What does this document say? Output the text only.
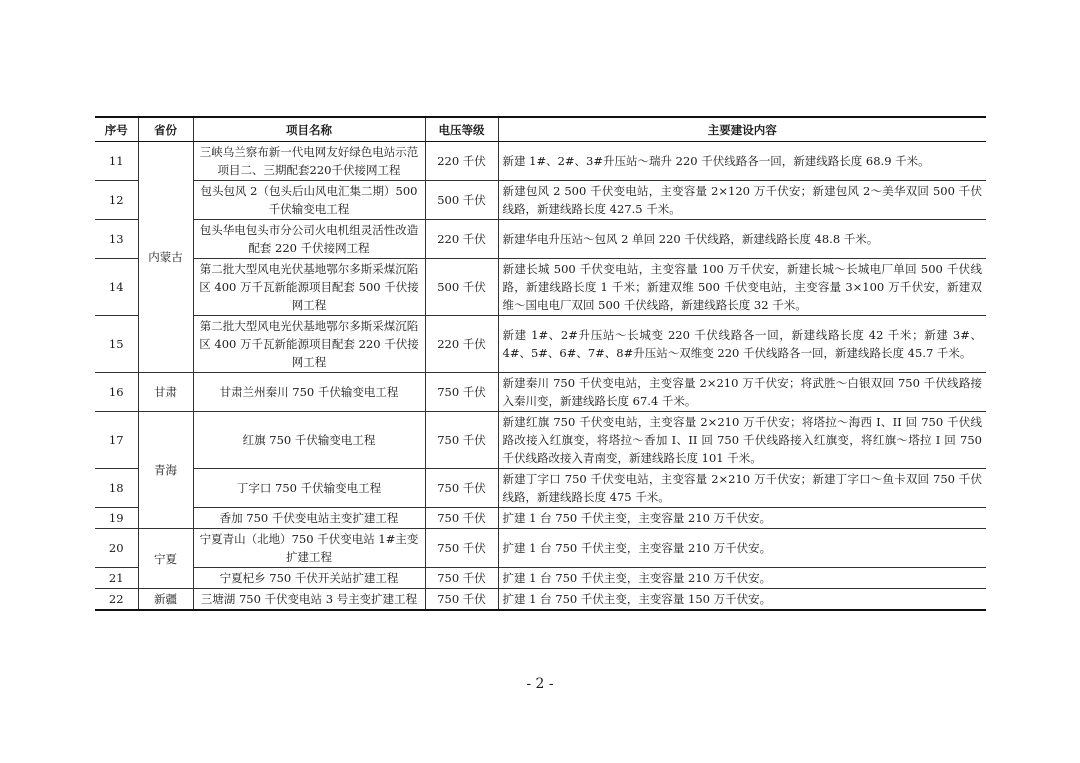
序号	省份	项目名称	电压等级	主要建设内容
11	内蒙古	三峡乌兰察布新一代电网友好绿色电站示范项目二、三期配套220千伏接网工程	220 千伏	新建 1#、2#、3#升压站～瑞升 220 千伏线路各一回，新建线路长度 68.9 千米。
12		包头包风 2（包头后山风电汇集二期）500 千伏输变电工程	500 千伏	新建包风 2 500 千伏变电站，主变容量 2×120 万千伏安；新建包风 2～美华双回 500 千伏线路，新建线路长度 427.5 千米。
13		包头华电包头市分公司火电机组灵活性改造配套 220 千伏接网工程	220 千伏	新建华电升压站～包风 2 单回 220 千伏线路，新建线路长度 48.8 千米。
14		第二批大型风电光伏基地鄂尔多斯采煤沉陷区 400 万千瓦新能源项目配套 500 千伏接网工程	500 千伏	新建长城 500 千伏变电站，主变容量 100 万千伏安，新建长城～长城电厂单回 500 千伏线路，新建线路长度 1 千米；新建双维 500 千伏变电站，主变容量 3×100 万千伏安，新建双维～国电电厂双回 500 千伏线路，新建线路长度 32 千米。
15		第二批大型风电光伏基地鄂尔多斯采煤沉陷区 400 万千瓦新能源项目配套 220 千伏接网工程	220 千伏	新建 1#、2#升压站～长城变 220 千伏线路各一回，新建线路长度 42 千米；新建 3#、4#、5#、6#、7#、8#升压站～双维变 220 千伏线路各一回，新建线路长度 45.7 千米。
16	甘肃	甘肃兰州秦川 750 千伏输变电工程	750 千伏	新建秦川 750 千伏变电站，主变容量 2×210 万千伏安；将武胜～白银双回 750 千伏线路接入秦川变，新建线路长度 67.4 千米。
17	青海	红旗 750 千伏输变电工程	750 千伏	新建红旗 750 千伏变电站，主变容量 2×210 万千伏安；将塔拉～海西 I、II 回 750 千伏线路改接入红旗变，将塔拉～香加 I、II 回 750 千伏线路接入红旗变，将红旗～塔拉 I 回 750 千伏线路改接入青南变，新建线路长度 101 千米。
18		丁字口 750 千伏输变电工程	750 千伏	新建丁字口 750 千伏变电站，主变容量 2×210 万千伏安；新建丁字口～鱼卡双回 750 千伏线路，新建线路长度 475 千米。
19		香加 750 千伏变电站主变扩建工程	750 千伏	扩建 1 台 750 千伏主变，主变容量 210 万千伏安。
20	宁夏	宁夏青山（北地）750 千伏变电站 1#主变扩建工程	750 千伏	扩建 1 台 750 千伏主变，主变容量 210 万千伏安。
21		宁夏杞乡 750 千伏开关站扩建工程	750 千伏	扩建 1 台 750 千伏主变，主变容量 210 万千伏安。
22	新疆	三塘湖 750 千伏变电站 3 号主变扩建工程	750 千伏	扩建 1 台 750 千伏主变，主变容量 150 万千伏安。
- 2 -
